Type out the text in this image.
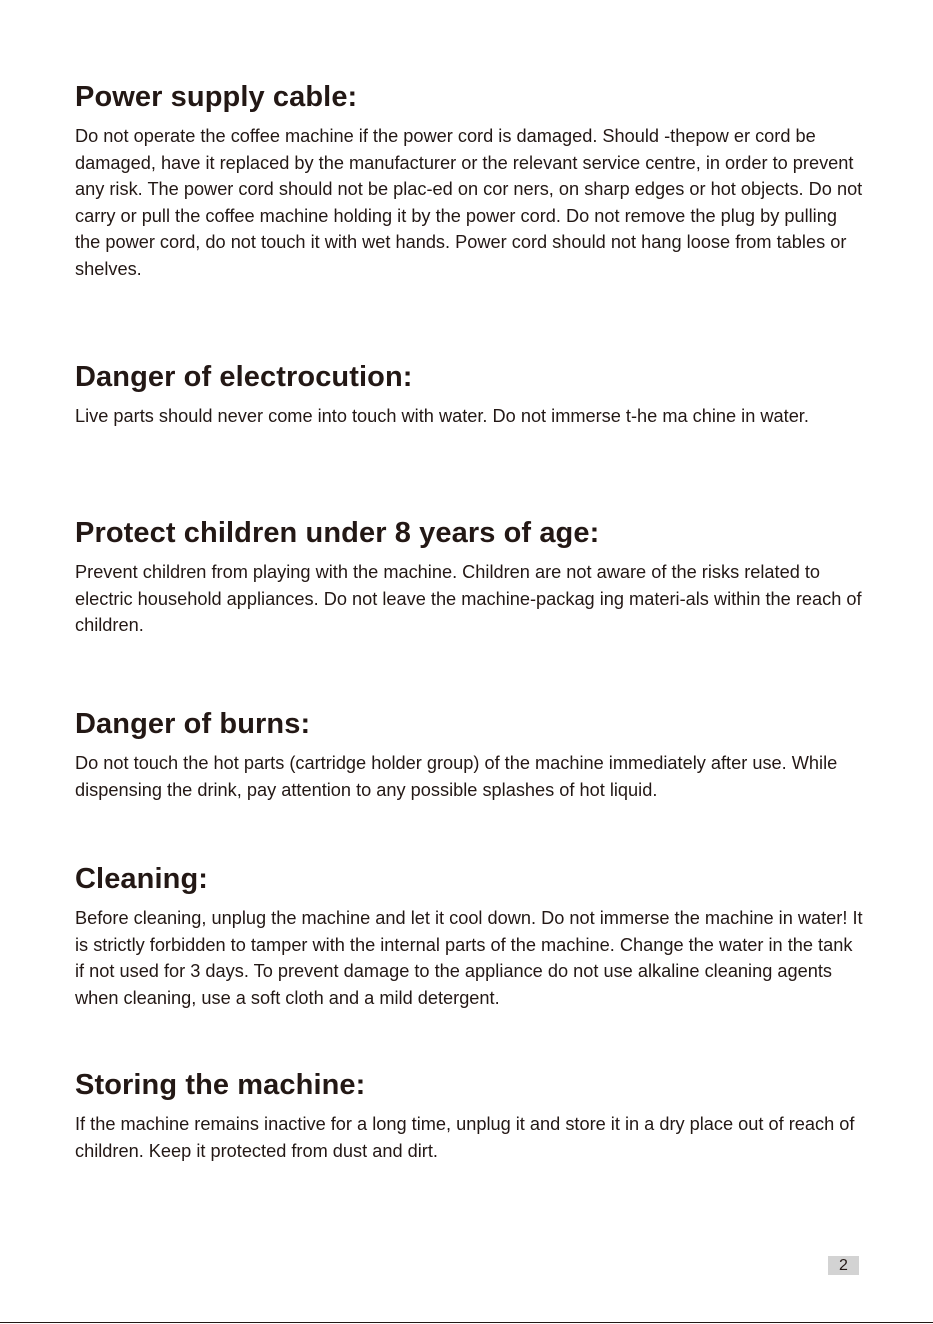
Power supply cable:

Do not operate the coffee machine if the power cord is damaged. Should -thepow er cord be damaged, have it replaced by the manufacturer or the relevant service centre, in order to prevent any risk. The power cord should not be plac-ed on cor ners, on sharp edges or hot objects. Do not carry or pull the coffee machine holding it by the power cord. Do not remove the plug by pulling the power cord, do not touch it with wet hands. Power cord should not hang loose from tables or shelves.

Danger of electrocution:

Live parts should never come into touch with water. Do not immerse t-he ma chine in water.

Protect children under 8 years of age:

Prevent children from playing with the machine. Children are not aware of the risks related to electric household appliances. Do not leave the machine-packag ing materi-als within the reach of children.

Danger of burns:

Do not touch the hot parts (cartridge holder group) of the machine immediately after use. While dispensing the drink, pay attention to any possible splashes of hot liquid.

Cleaning:

Before cleaning, unplug the machine and let it cool down. Do not immerse the machine in water! It is strictly forbidden to tamper with the internal parts of the machine. Change the water in the tank if not used for 3 days. To prevent damage to the appliance do not use alkaline cleaning agents when cleaning, use a soft cloth and a mild detergent.

Storing the machine:

If the machine remains inactive for a long time, unplug it and store it in a dry place out of reach of children. Keep it protected from dust and dirt.

2
